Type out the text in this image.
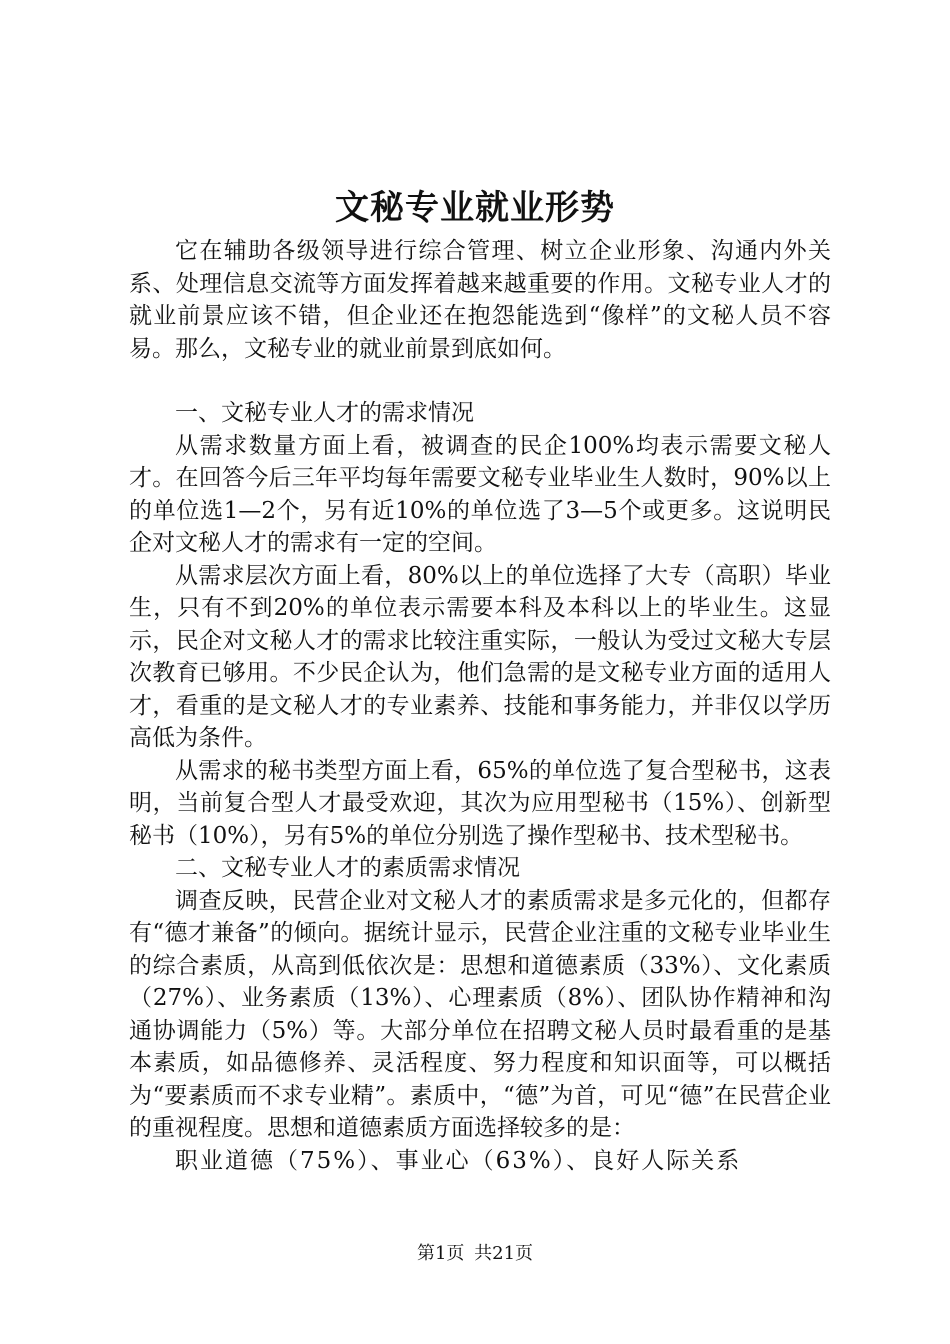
文秘专业就业形势

它在辅助各级领导进行综合管理、树立企业形象、沟通内外关系、处理信息交流等方面发挥着越来越重要的作用。文秘专业人才的就业前景应该不错，但企业还在抱怨能选到“像样”的文秘人员不容易。那么，文秘专业的就业前景到底如何。

一、文秘专业人才的需求情况

从需求数量方面上看，被调查的民企100%均表示需要文秘人才。在回答今后三年平均每年需要文秘专业毕业生人数时，90%以上的单位选1—2个，另有近10%的单位选了3—5个或更多。这说明民企对文秘人才的需求有一定的空间。

从需求层次方面上看，80%以上的单位选择了大专（高职）毕业生，只有不到20%的单位表示需要本科及本科以上的毕业生。这显示，民企对文秘人才的需求比较注重实际，一般认为受过文秘大专层次教育已够用。不少民企认为，他们急需的是文秘专业方面的适用人才，看重的是文秘人才的专业素养、技能和事务能力，并非仅以学历高低为条件。

从需求的秘书类型方面上看，65%的单位选了复合型秘书，这表明，当前复合型人才最受欢迎，其次为应用型秘书（15%）、创新型秘书（10%），另有5%的单位分别选了操作型秘书、技术型秘书。

二、文秘专业人才的素质需求情况

调查反映，民营企业对文秘人才的素质需求是多元化的，但都存有“德才兼备”的倾向。据统计显示，民营企业注重的文秘专业毕业生的综合素质，从高到低依次是：思想和道德素质（33%）、文化素质（27%）、业务素质（13%）、心理素质（8%）、团队协作精神和沟通协调能力（5%）等。大部分单位在招聘文秘人员时最看重的是基本素质，如品德修养、灵活程度、努力程度和知识面等，可以概括为“要素质而不求专业精”。素质中，“德”为首，可见“德”在民营企业的重视程度。思想和道德素质方面选择较多的是：

职业道德（75%）、事业心（63%）、良好人际关系

第1页 共21页
